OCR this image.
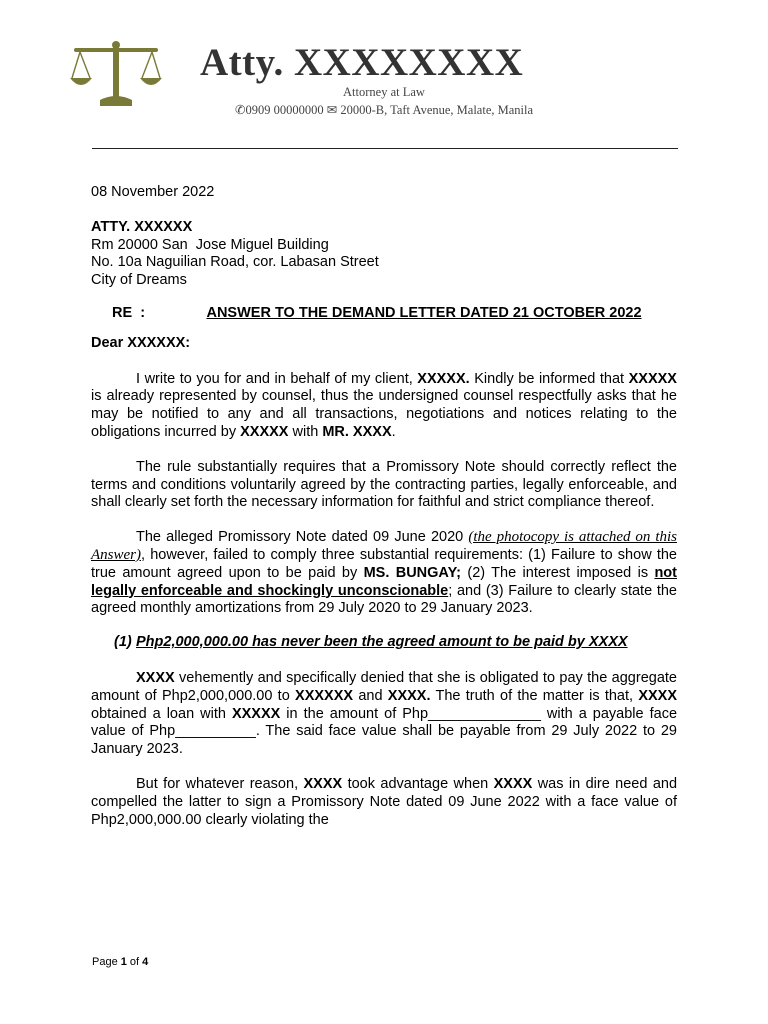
Atty. XXXXXXXX
Attorney at Law
✆0909 00000000 ✉ 20000-B, Taft Avenue, Malate, Manila

08 November 2022

ATTY. XXXXXX

Rm 20000 San  Jose Miguel Building

No. 10a Naguilian Road, cor. Labasan Street

City of Dreams

RE :	ANSWER TO THE DEMAND LETTER DATED 21 OCTOBER 2022

Dear XXXXXX:

I write to you for and in behalf of my client, XXXXX. Kindly be informed that XXXXX is already represented by counsel, thus the undersigned counsel respectfully asks that he may be notified to any and all transactions, negotiations and notices relating to the obligations incurred by XXXXX with MR. XXXX.

The rule substantially requires that a Promissory Note should correctly reflect the terms and conditions voluntarily agreed by the contracting parties, legally enforceable, and shall clearly set forth the necessary information for faithful and strict compliance thereof.

The alleged Promissory Note dated 09 June 2020 (the photocopy is attached on this Answer), however, failed to comply three substantial requirements: (1) Failure to show the true amount agreed upon to be paid by MS. BUNGAY; (2) The interest imposed is not legally enforceable and shockingly unconscionable; and (3) Failure to clearly state the agreed monthly amortizations from 29 July 2020 to 29 January 2023.

(1) Php2,000,000.00 has never been the agreed amount to be paid by XXXX

XXXX vehemently and specifically denied that she is obligated to pay the aggregate amount of Php2,000,000.00 to XXXXXX and XXXX. The truth of the matter is that, XXXX obtained a loan with XXXXX in the amount of Php______________ with a payable face value of Php__________. The said face value shall be payable from 29 July 2022 to 29 January 2023.

But for whatever reason, XXXX took advantage when XXXX was in dire need and compelled the latter to sign a Promissory Note dated 09 June 2022 with a face value of Php2,000,000.00 clearly violating the

Page 1 of 4
